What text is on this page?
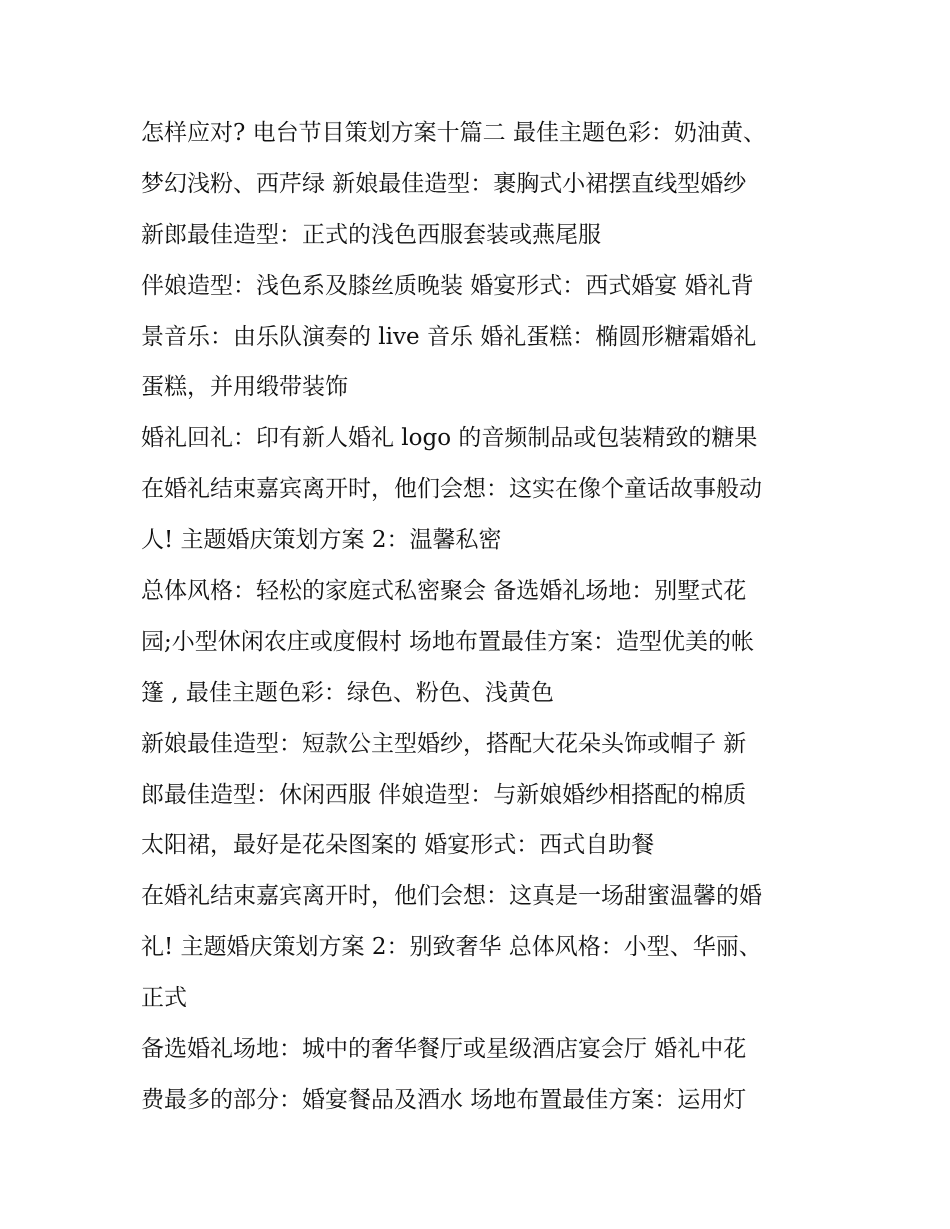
怎样应对? 电台节目策划方案十篇二 最佳主题色彩：奶油黄、
梦幻浅粉、西芹绿 新娘最佳造型：裹胸式小裙摆直线型婚纱
新郎最佳造型：正式的浅色西服套装或燕尾服
伴娘造型：浅色系及膝丝质晚装 婚宴形式：西式婚宴 婚礼背
景音乐：由乐队演奏的 live 音乐 婚礼蛋糕：椭圆形糖霜婚礼
蛋糕，并用缎带装饰
婚礼回礼：印有新人婚礼 logo 的音频制品或包装精致的糖果
在婚礼结束嘉宾离开时，他们会想：这实在像个童话故事般动
人! 主题婚庆策划方案 2：温馨私密
总体风格：轻松的家庭式私密聚会 备选婚礼场地：别墅式花
园;小型休闲农庄或度假村 场地布置最佳方案：造型优美的帐
篷 , 最佳主题色彩：绿色、粉色、浅黄色
新娘最佳造型：短款公主型婚纱，搭配大花朵头饰或帽子 新
郎最佳造型：休闲西服 伴娘造型：与新娘婚纱相搭配的棉质
太阳裙，最好是花朵图案的 婚宴形式：西式自助餐
在婚礼结束嘉宾离开时，他们会想：这真是一场甜蜜温馨的婚
礼! 主题婚庆策划方案 2：别致奢华 总体风格：小型、华丽、
正式
备选婚礼场地：城中的奢华餐厅或星级酒店宴会厅 婚礼中花
费最多的部分：婚宴餐品及酒水 场地布置最佳方案：运用灯
